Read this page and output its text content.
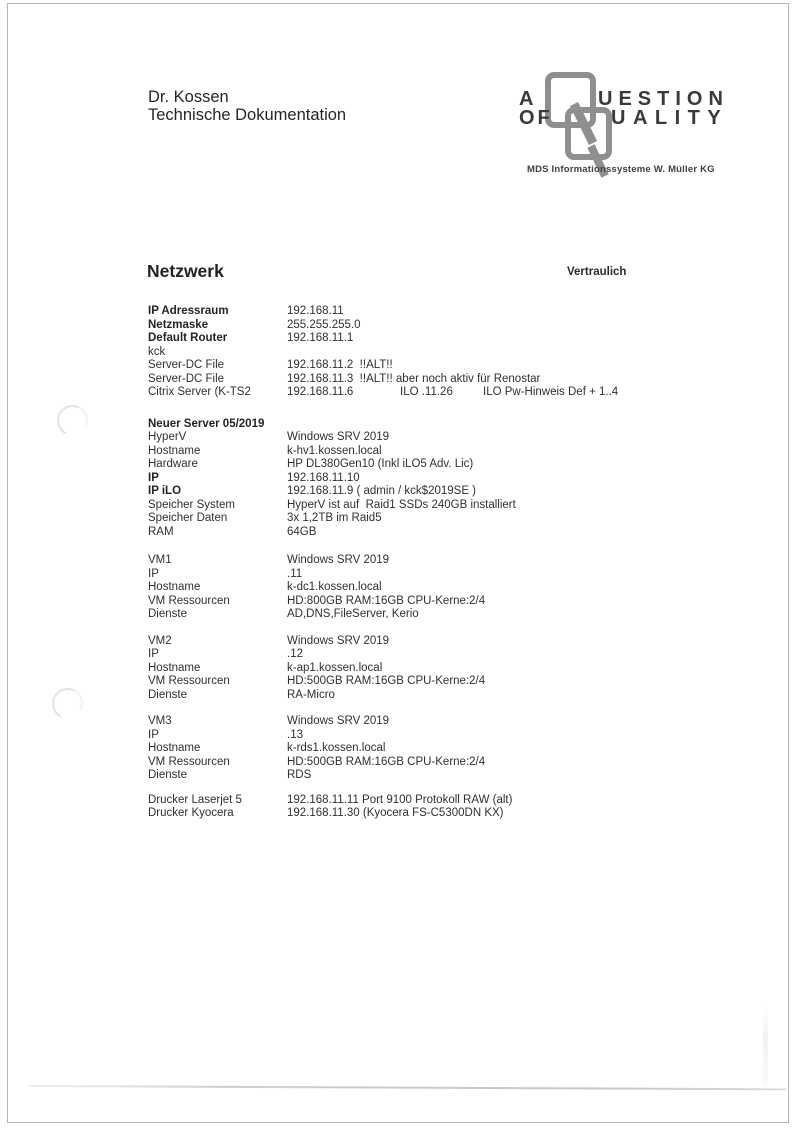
Dr. Kossen
Technische Dokumentation
A	UESTION
OF	UALITY
MDS Informationssysteme W. Müller KG
Netzwerk	Vertraulich
IP Adressraum	192.168.11
Netzmaske	255.255.255.0
Default Router	192.168.11.1
kck
Server-DC File	192.168.11.2  !!ALT!!
Server-DC File	192.168.11.3  !!ALT!! aber noch aktiv für Renostar
Citrix Server (K-TS2	192.168.11.6	ILO .11.26	ILO Pw-Hinweis Def + 1..4
Neuer Server 05/2019
HyperV	Windows SRV 2019
Hostname	k-hv1.kossen.local
Hardware	HP DL380Gen10 (Inkl iLO5 Adv. Lic)
IP	192.168.11.10
IP iLO	192.168.11.9 ( admin / kck$2019SE )
Speicher System	HyperV ist auf  Raid1 SSDs 240GB installiert
Speicher Daten	3x 1,2TB im Raid5
RAM	64GB
VM1	Windows SRV 2019
IP	.11
Hostname	k-dc1.kossen.local
VM Ressourcen	HD:800GB RAM:16GB CPU-Kerne:2/4
Dienste	AD,DNS,FileServer, Kerio
VM2	Windows SRV 2019
IP	.12
Hostname	k-ap1.kossen.local
VM Ressourcen	HD:500GB RAM:16GB CPU-Kerne:2/4
Dienste	RA-Micro
VM3	Windows SRV 2019
IP	.13
Hostname	k-rds1.kossen.local
VM Ressourcen	HD:500GB RAM:16GB CPU-Kerne:2/4
Dienste	RDS
Drucker Laserjet 5	192.168.11.11 Port 9100 Protokoll RAW (alt)
Drucker Kyocera	192.168.11.30 (Kyocera FS-C5300DN KX)
